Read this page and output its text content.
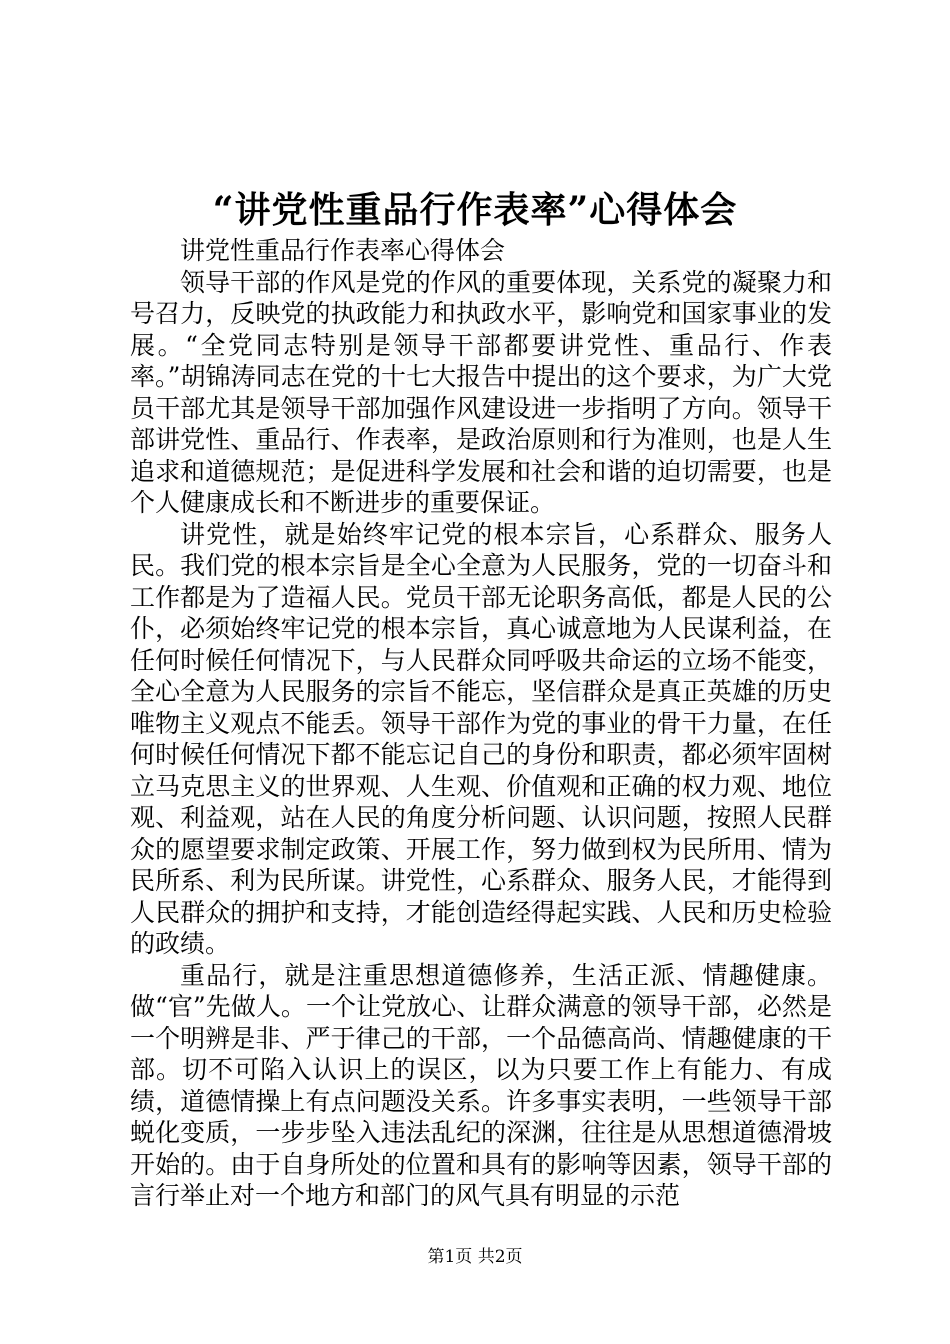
“讲党性重品行作表率”心得体会

讲党性重品行作表率心得体会

领导干部的作风是党的作风的重要体现，关系党的凝聚力和号召力，反映党的执政能力和执政水平，影响党和国家事业的发展。“全党同志特别是领导干部都要讲党性、重品行、作表率。”胡锦涛同志在党的十七大报告中提出的这个要求，为广大党员干部尤其是领导干部加强作风建设进一步指明了方向。领导干部讲党性、重品行、作表率，是政治原则和行为准则，也是人生追求和道德规范；是促进科学发展和社会和谐的迫切需要，也是个人健康成长和不断进步的重要保证。

讲党性，就是始终牢记党的根本宗旨，心系群众、服务人民。我们党的根本宗旨是全心全意为人民服务，党的一切奋斗和工作都是为了造福人民。党员干部无论职务高低，都是人民的公仆，必须始终牢记党的根本宗旨，真心诚意地为人民谋利益，在任何时候任何情况下，与人民群众同呼吸共命运的立场不能变，全心全意为人民服务的宗旨不能忘，坚信群众是真正英雄的历史唯物主义观点不能丢。领导干部作为党的事业的骨干力量，在任何时候任何情况下都不能忘记自己的身份和职责，都必须牢固树立马克思主义的世界观、人生观、价值观和正确的权力观、地位观、利益观，站在人民的角度分析问题、认识问题，按照人民群众的愿望要求制定政策、开展工作，努力做到权为民所用、情为民所系、利为民所谋。讲党性，心系群众、服务人民，才能得到人民群众的拥护和支持，才能创造经得起实践、人民和历史检验的政绩。

重品行，就是注重思想道德修养，生活正派、情趣健康。做“官”先做人。一个让党放心、让群众满意的领导干部，必然是一个明辨是非、严于律己的干部，一个品德高尚、情趣健康的干部。切不可陷入认识上的误区，以为只要工作上有能力、有成绩，道德情操上有点问题没关系。许多事实表明，一些领导干部蜕化变质，一步步坠入违法乱纪的深渊，往往是从思想道德滑坡开始的。由于自身所处的位置和具有的影响等因素，领导干部的言行举止对一个地方和部门的风气具有明显的示范

第1页 共2页
